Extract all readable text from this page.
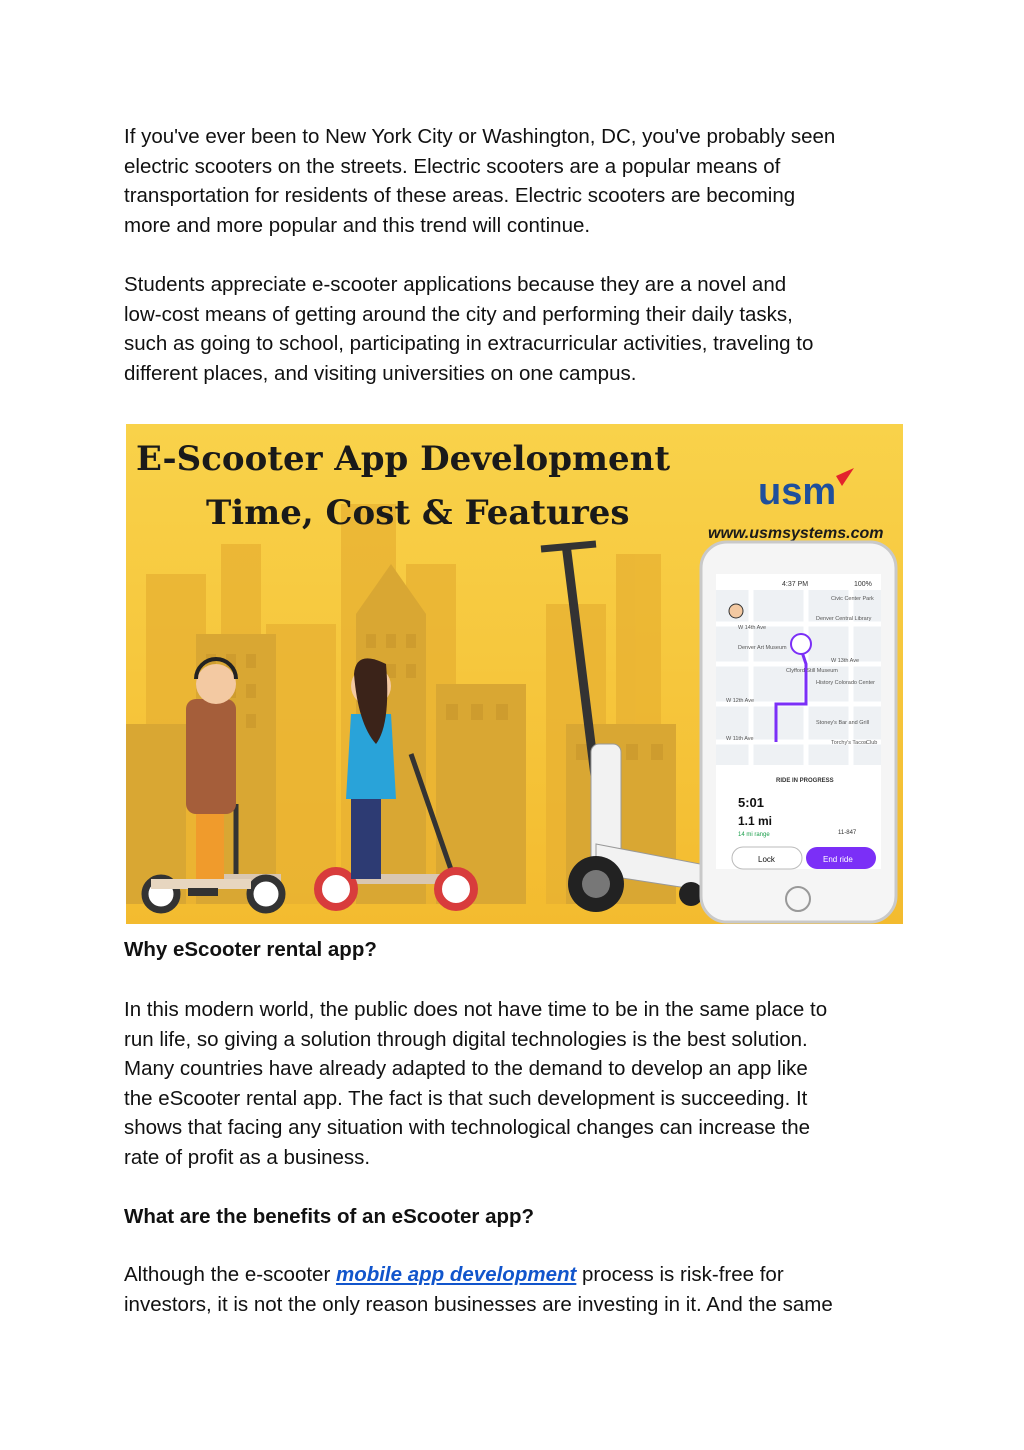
If you've ever been to New York City or Washington, DC, you've probably seen
electric scooters on the streets. Electric scooters are a popular means of
transportation for residents of these areas. Electric scooters are becoming
more and more popular and this trend will continue.

Students appreciate e-scooter applications because they are a novel and
low-cost means of getting around the city and performing their daily tasks,
such as going to school, participating in extracurricular activities, traveling to
different places, and visiting universities on one campus.

E-Scooter App Development
Time, Cost & Features	usm
www.usmsystems.com
4:37 PM	100%
W 14th Ave
Denver Central Library
Denver Art Museum
Clyfford Still Museum
W 13th Ave
History Colorado Center
W 12th Ave
Stoney's Bar and Grill
W 11th Ave
Torchy's Tacos
Civic Center Park
Club
RIDE IN PROGRESS
5:01
1.1 mi
14 mi range	11-847
Lock	End ride

Why eScooter rental app?

In this modern world, the public does not have time to be in the same place to
run life, so giving a solution through digital technologies is the best solution.
Many countries have already adapted to the demand to develop an app like
the eScooter rental app. The fact is that such development is succeeding. It
shows that facing any situation with technological changes can increase the
rate of profit as a business.

What are the benefits of an eScooter app?

Although the e-scooter mobile app development process is risk-free for
investors, it is not the only reason businesses are investing in it. And the same
